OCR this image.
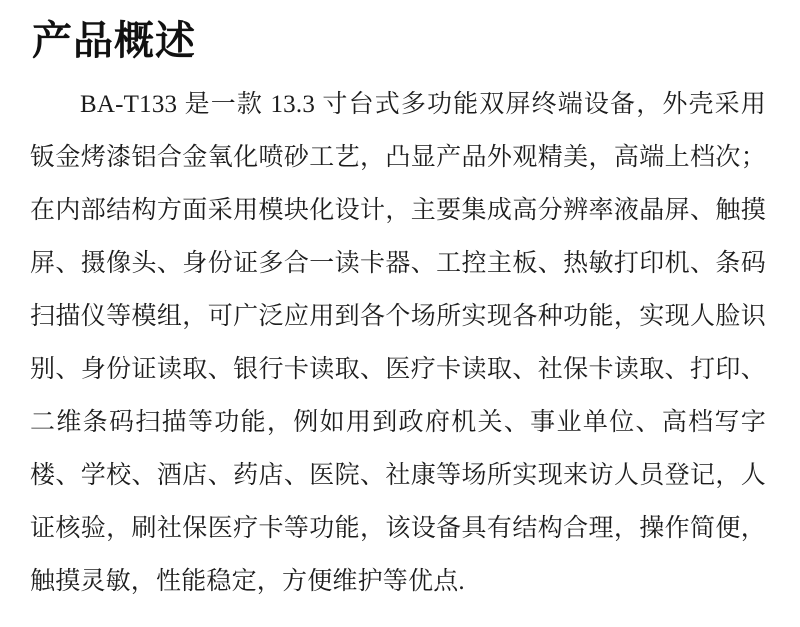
产品概述

BA-T133 是一款 13.3 寸台式多功能双屏终端设备，外壳采用钣金烤漆铝合金氧化喷砂工艺，凸显产品外观精美，高端上档次；在内部结构方面采用模块化设计，主要集成高分辨率液晶屏、触摸屏、摄像头、身份证多合一读卡器、工控主板、热敏打印机、条码扫描仪等模组，可广泛应用到各个场所实现各种功能，实现人脸识别、身份证读取、银行卡读取、医疗卡读取、社保卡读取、打印、二维条码扫描等功能，例如用到政府机关、事业单位、高档写字楼、学校、酒店、药店、医院、社康等场所实现来访人员登记，人证核验，刷社保医疗卡等功能，该设备具有结构合理，操作简便，触摸灵敏，性能稳定，方便维护等优点.
